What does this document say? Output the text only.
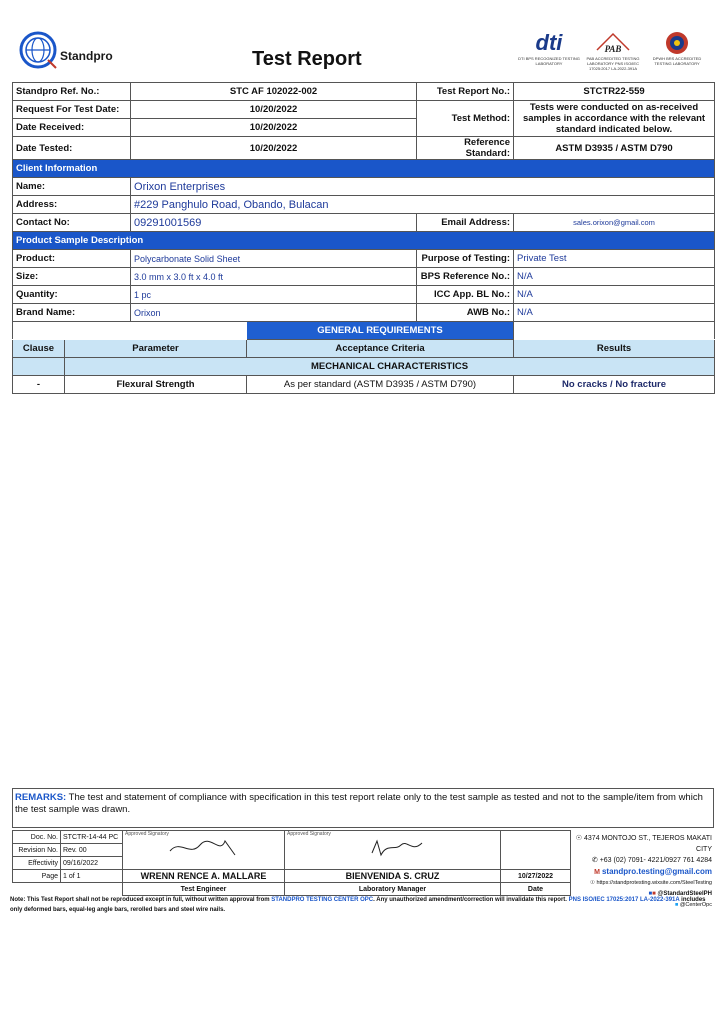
Standpro	Test Report
dti
DTI BPS RECOGNIZED TESTING LABORATORY
PAB
PAB ACCREDITED TESTING LABORATORY PNS ISO/IEC 17025:2017 LA-2022-391A
DPWH BRS ACCREDITED TESTING LABORATORY
Standpro Ref. No.:		STC AF 102022-002		Test Report No.:	STCTR22-559
Request For Test Date:		10/20/2022		Test Method:	Tests were conducted on as-received samples in accordance with the relevant standard indicated below.
Date Received:		10/20/2022			
Date Tested:		10/20/2022		Reference Standard:	ASTM D3935 / ASTM D790
Client Information					
Name:		Orixon Enterprises			
Address:		#229 Panghulo Road, Obando, Bulacan			
Contact No:		09291001569		Email Address:	sales.orixon@gmail.com
Product Sample Description					
Product:		Polycarbonate Solid Sheet		Purpose of Testing:	Private Test
Size:		3.0 mm x 3.0 ft x 4.0 ft		BPS Reference No.:	N/A
Quantity:		1 pc		ICC App. BL No.:	N/A
Brand Name:		Orixon		AWB No.:	N/A
			GENERAL REQUIREMENTS		
Clause	Parameter		Acceptance Criteria		Results
	MECHANICAL CHARACTERISTICS				
-	Flexural Strength		As per standard (ASTM D3935 / ASTM D790)		No cracks / No fracture
REMARKS: The test and statement of compliance with specification in this test report relate only to the test sample as tested and not to the sample/item from which the test sample was drawn.
Doc. No.	STCTR-14-44 PC	Approved Signatory	Approved Signatory	

Revision No.	Rev. 00			
Effectivity	09/16/2022			
Page	1 of 1	WRENN RENCE A. MALLARE	BIENVENIDA S. CRUZ	10/27/2022
		Test Engineer	Laboratory Manager	Date
☉ 4374 MONTOJO ST., TEJEROS MAKATI CITY
✆ +63 (02) 7091- 4221/0927 761 4284
M standpro.testing@gmail.com
☉ https://standprotesting.wixsite.com/SteelTesting
■■ @StandardSteelPH
■ @CenterOpc
Note: This Test Report shall not be reproduced except in full, without written approval from STANDPRO TESTING CENTER OPC. Any unauthorized amendment/correction will invalidate this report. PNS ISO/IEC 17025:2017 LA-2022-391A includes only deformed bars, equal-leg angle bars, rerolled bars and steel wire nails.
